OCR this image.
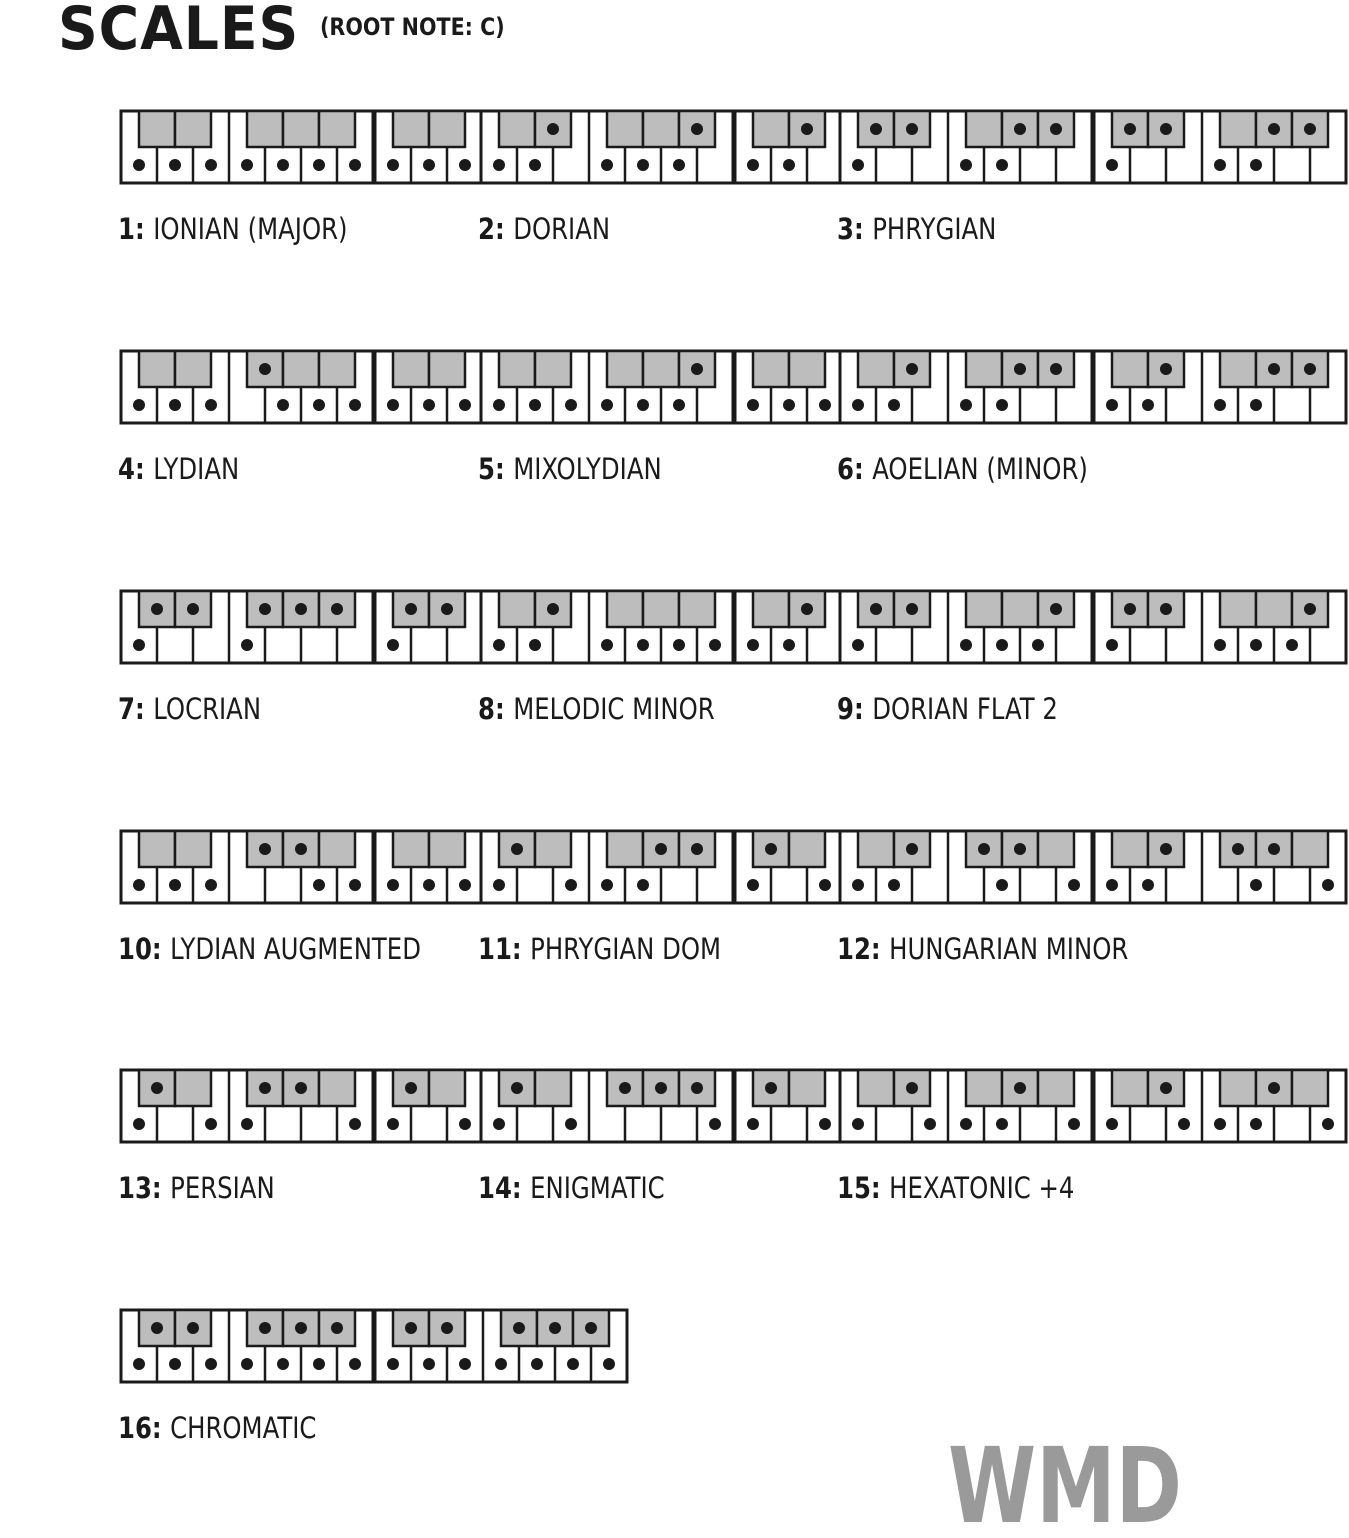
SCALES (ROOT NOTE: C)
1: IONIAN (MAJOR)	2: DORIAN	3: PHRYGIAN
4: LYDIAN	5: MIXOLYDIAN	6: AOELIAN (MINOR)
7: LOCRIAN	8: MELODIC MINOR	9: DORIAN FLAT 2
10: LYDIAN AUGMENTED 11: PHRYGIAN DOM	12: HUNGARIAN MINOR
13: PERSIAN	14: ENIGMATIC	15: HEXATONIC +4
16: CHROMATIC	WMD
